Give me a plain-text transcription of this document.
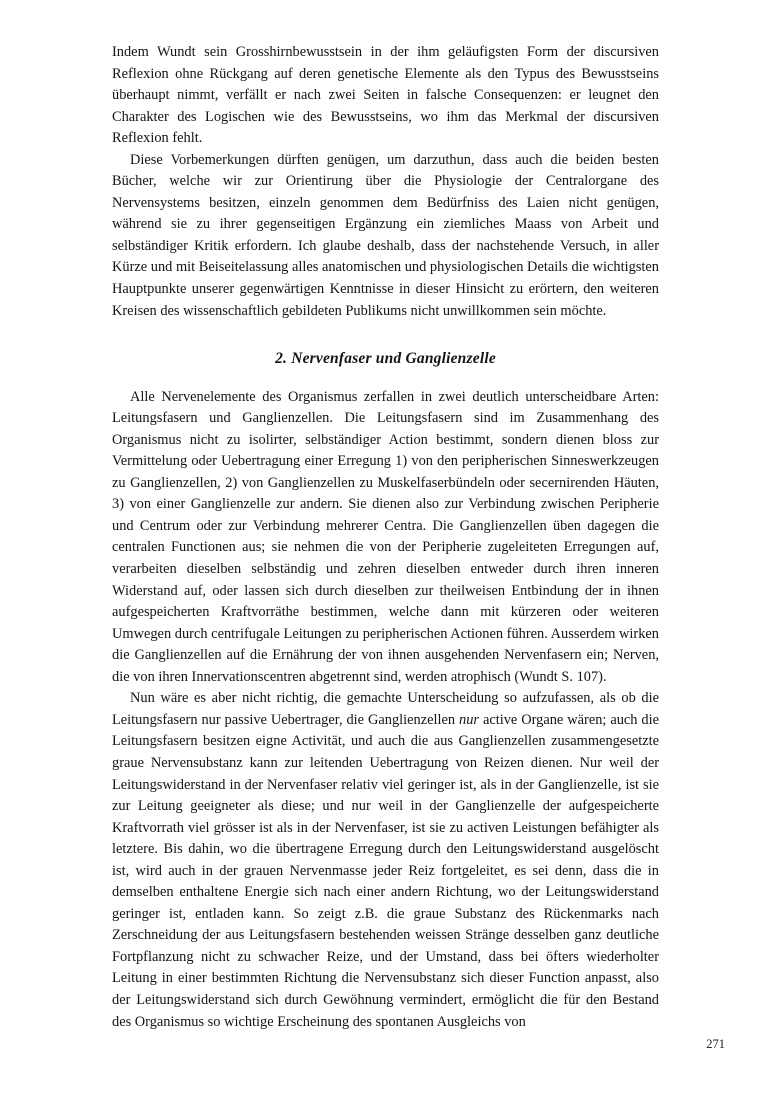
Indem Wundt sein Grosshirnbewusstsein in der ihm geläufigsten Form der discursiven Reflexion ohne Rückgang auf deren genetische Elemente als den Typus des Bewusstseins überhaupt nimmt, verfällt er nach zwei Seiten in falsche Consequenzen: er leugnet den Charakter des Logischen wie des Bewusstseins, wo ihm das Merkmal der discursiven Reflexion fehlt.

Diese Vorbemerkungen dürften genügen, um darzuthun, dass auch die beiden besten Bücher, welche wir zur Orientirung über die Physiologie der Centralorgane des Nervensystems besitzen, einzeln genommen dem Bedürfniss des Laien nicht genügen, während sie zu ihrer gegenseitigen Ergänzung ein ziemliches Maass von Arbeit und selbständiger Kritik erfordern. Ich glaube deshalb, dass der nachstehende Versuch, in aller Kürze und mit Beiseitelassung alles anatomischen und physiologischen Details die wichtigsten Hauptpunkte unserer gegenwärtigen Kenntnisse in dieser Hinsicht zu erörtern, den weiteren Kreisen des wissenschaftlich gebildeten Publikums nicht unwillkommen sein möchte.

2. Nervenfaser und Ganglienzelle

Alle Nervenelemente des Organismus zerfallen in zwei deutlich unterscheidbare Arten: Leitungsfasern und Ganglienzellen. Die Leitungsfasern sind im Zusammenhang des Organismus nicht zu isolirter, selbständiger Action bestimmt, sondern dienen bloss zur Vermittelung oder Uebertragung einer Erregung 1) von den peripherischen Sinneswerkzeugen zu Ganglienzellen, 2) von Ganglienzellen zu Muskelfaserbündeln oder secernirenden Häuten, 3) von einer Ganglienzelle zur andern. Sie dienen also zur Verbindung zwischen Peripherie und Centrum oder zur Verbindung mehrerer Centra. Die Ganglienzellen üben dagegen die centralen Functionen aus; sie nehmen die von der Peripherie zugeleiteten Erregungen auf, verarbeiten dieselben selbständig und zehren dieselben entweder durch ihren inneren Widerstand auf, oder lassen sich durch dieselben zur theilweisen Entbindung der in ihnen aufgespeicherten Kraftvorräthe bestimmen, welche dann mit kürzeren oder weiteren Umwegen durch centrifugale Leitungen zu peripherischen Actionen führen. Ausserdem wirken die Ganglienzellen auf die Ernährung der von ihnen ausgehenden Nervenfasern ein; Nerven, die von ihren Innervationscentren abgetrennt sind, werden atrophisch (Wundt S. 107).

Nun wäre es aber nicht richtig, die gemachte Unterscheidung so aufzufassen, als ob die Leitungsfasern nur passive Uebertrager, die Ganglienzellen nur active Organe wären; auch die Leitungsfasern besitzen eigne Activität, und auch die aus Ganglienzellen zusammengesetzte graue Nervensubstanz kann zur leitenden Uebertragung von Reizen dienen. Nur weil der Leitungswiderstand in der Nervenfaser relativ viel geringer ist, als in der Ganglienzelle, ist sie zur Leitung geeigneter als diese; und nur weil in der Ganglienzelle der aufgespeicherte Kraftvorrath viel grösser ist als in der Nervenfaser, ist sie zu activen Leistungen befähigter als letztere. Bis dahin, wo die übertragene Erregung durch den Leitungswiderstand ausgelöscht ist, wird auch in der grauen Nervenmasse jeder Reiz fortgeleitet, es sei denn, dass die in demselben enthaltene Energie sich nach einer andern Richtung, wo der Leitungswiderstand geringer ist, entladen kann. So zeigt z.B. die graue Substanz des Rückenmarks nach Zerschneidung der aus Leitungsfasern bestehenden weissen Stränge desselben ganz deutliche Fortpflanzung nicht zu schwacher Reize, und der Umstand, dass bei öfters wiederholter Leitung in einer bestimmten Richtung die Nervensubstanz sich dieser Function anpasst, also der Leitungswiderstand sich durch Gewöhnung vermindert, ermöglicht die für den Bestand des Organismus so wichtige Erscheinung des spontanen Ausgleichs von

271
